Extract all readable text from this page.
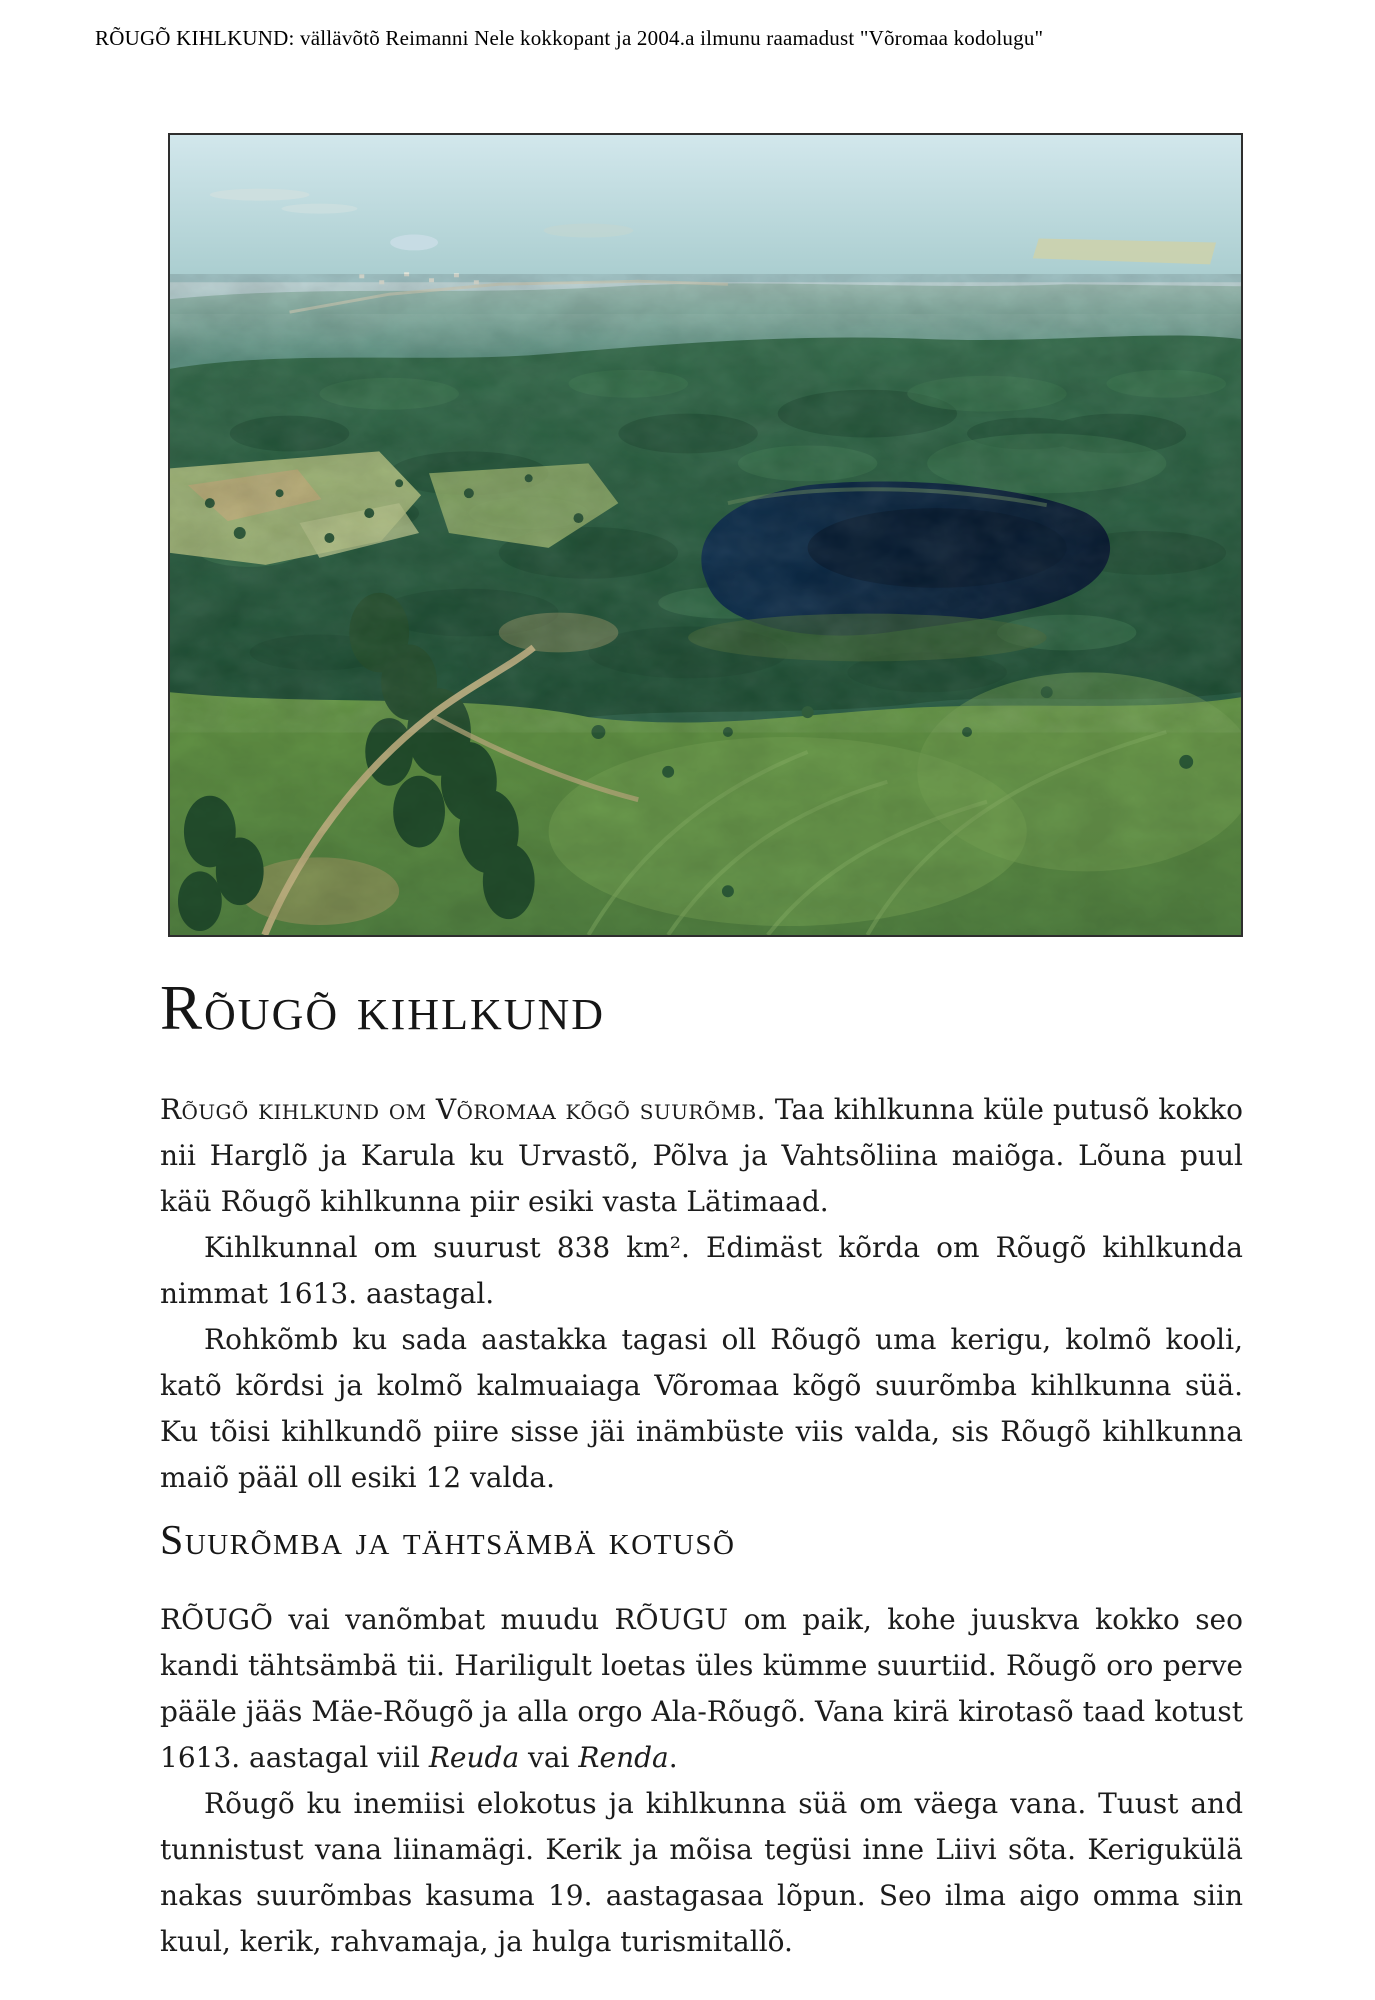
RÕUGÕ KIHLKUND: vällävõtõ Reimanni Nele kokkopant ja 2004.a ilmunu raamadust "Võromaa kodolugu"
Rõugõ kihlkund

Rõugõ kihlkund om Võromaa kõgõ suurõmb. Taa kihlkunna küle putusõ kokko nii Harglõ ja Karula ku Urvastõ, Põlva ja Vahtsõliina maiõga. Lõuna puul käü Rõugõ kihlkunna piir esiki vasta Lätimaad.

Kihlkunnal om suurust 838 km². Edimäst kõrda om Rõugõ kihlkunda nimmat 1613. aastagal.

Rohkõmb ku sada aastakka tagasi oll Rõugõ uma kerigu, kolmõ kooli, katõ kõrdsi ja kolmõ kalmuaiaga Võromaa kõgõ suurõmba kihlkunna süä. Ku tõisi kihlkundõ piire sisse jäi inämbüste viis valda, sis Rõugõ kihlkunna maiõ pääl oll esiki 12 valda.

Suurõmba ja tähtsämbä kotusõ

RÕUGÕ vai vanõmbat muudu RÕUGU om paik, kohe juuskva kokko seo kandi tähtsämbä tii. Hariligult loetas üles kümme suurtiid. Rõugõ oro perve pääle jääs Mäe-Rõugõ ja alla orgo Ala-Rõugõ. Vana kirä kirotasõ taad kotust 1613. aastagal viil Reuda vai Renda.

Rõugõ ku inemiisi elokotus ja kihlkunna süä om väega vana. Tuust and tunnistust vana liinamägi. Kerik ja mõisa tegüsi inne Liivi sõta. Kerigukülä nakas suurõmbas kasuma 19. aastagasaa lõpun. Seo ilma aigo omma siin kuul, kerik, rahvamaja, ja hulga turismitallõ.
